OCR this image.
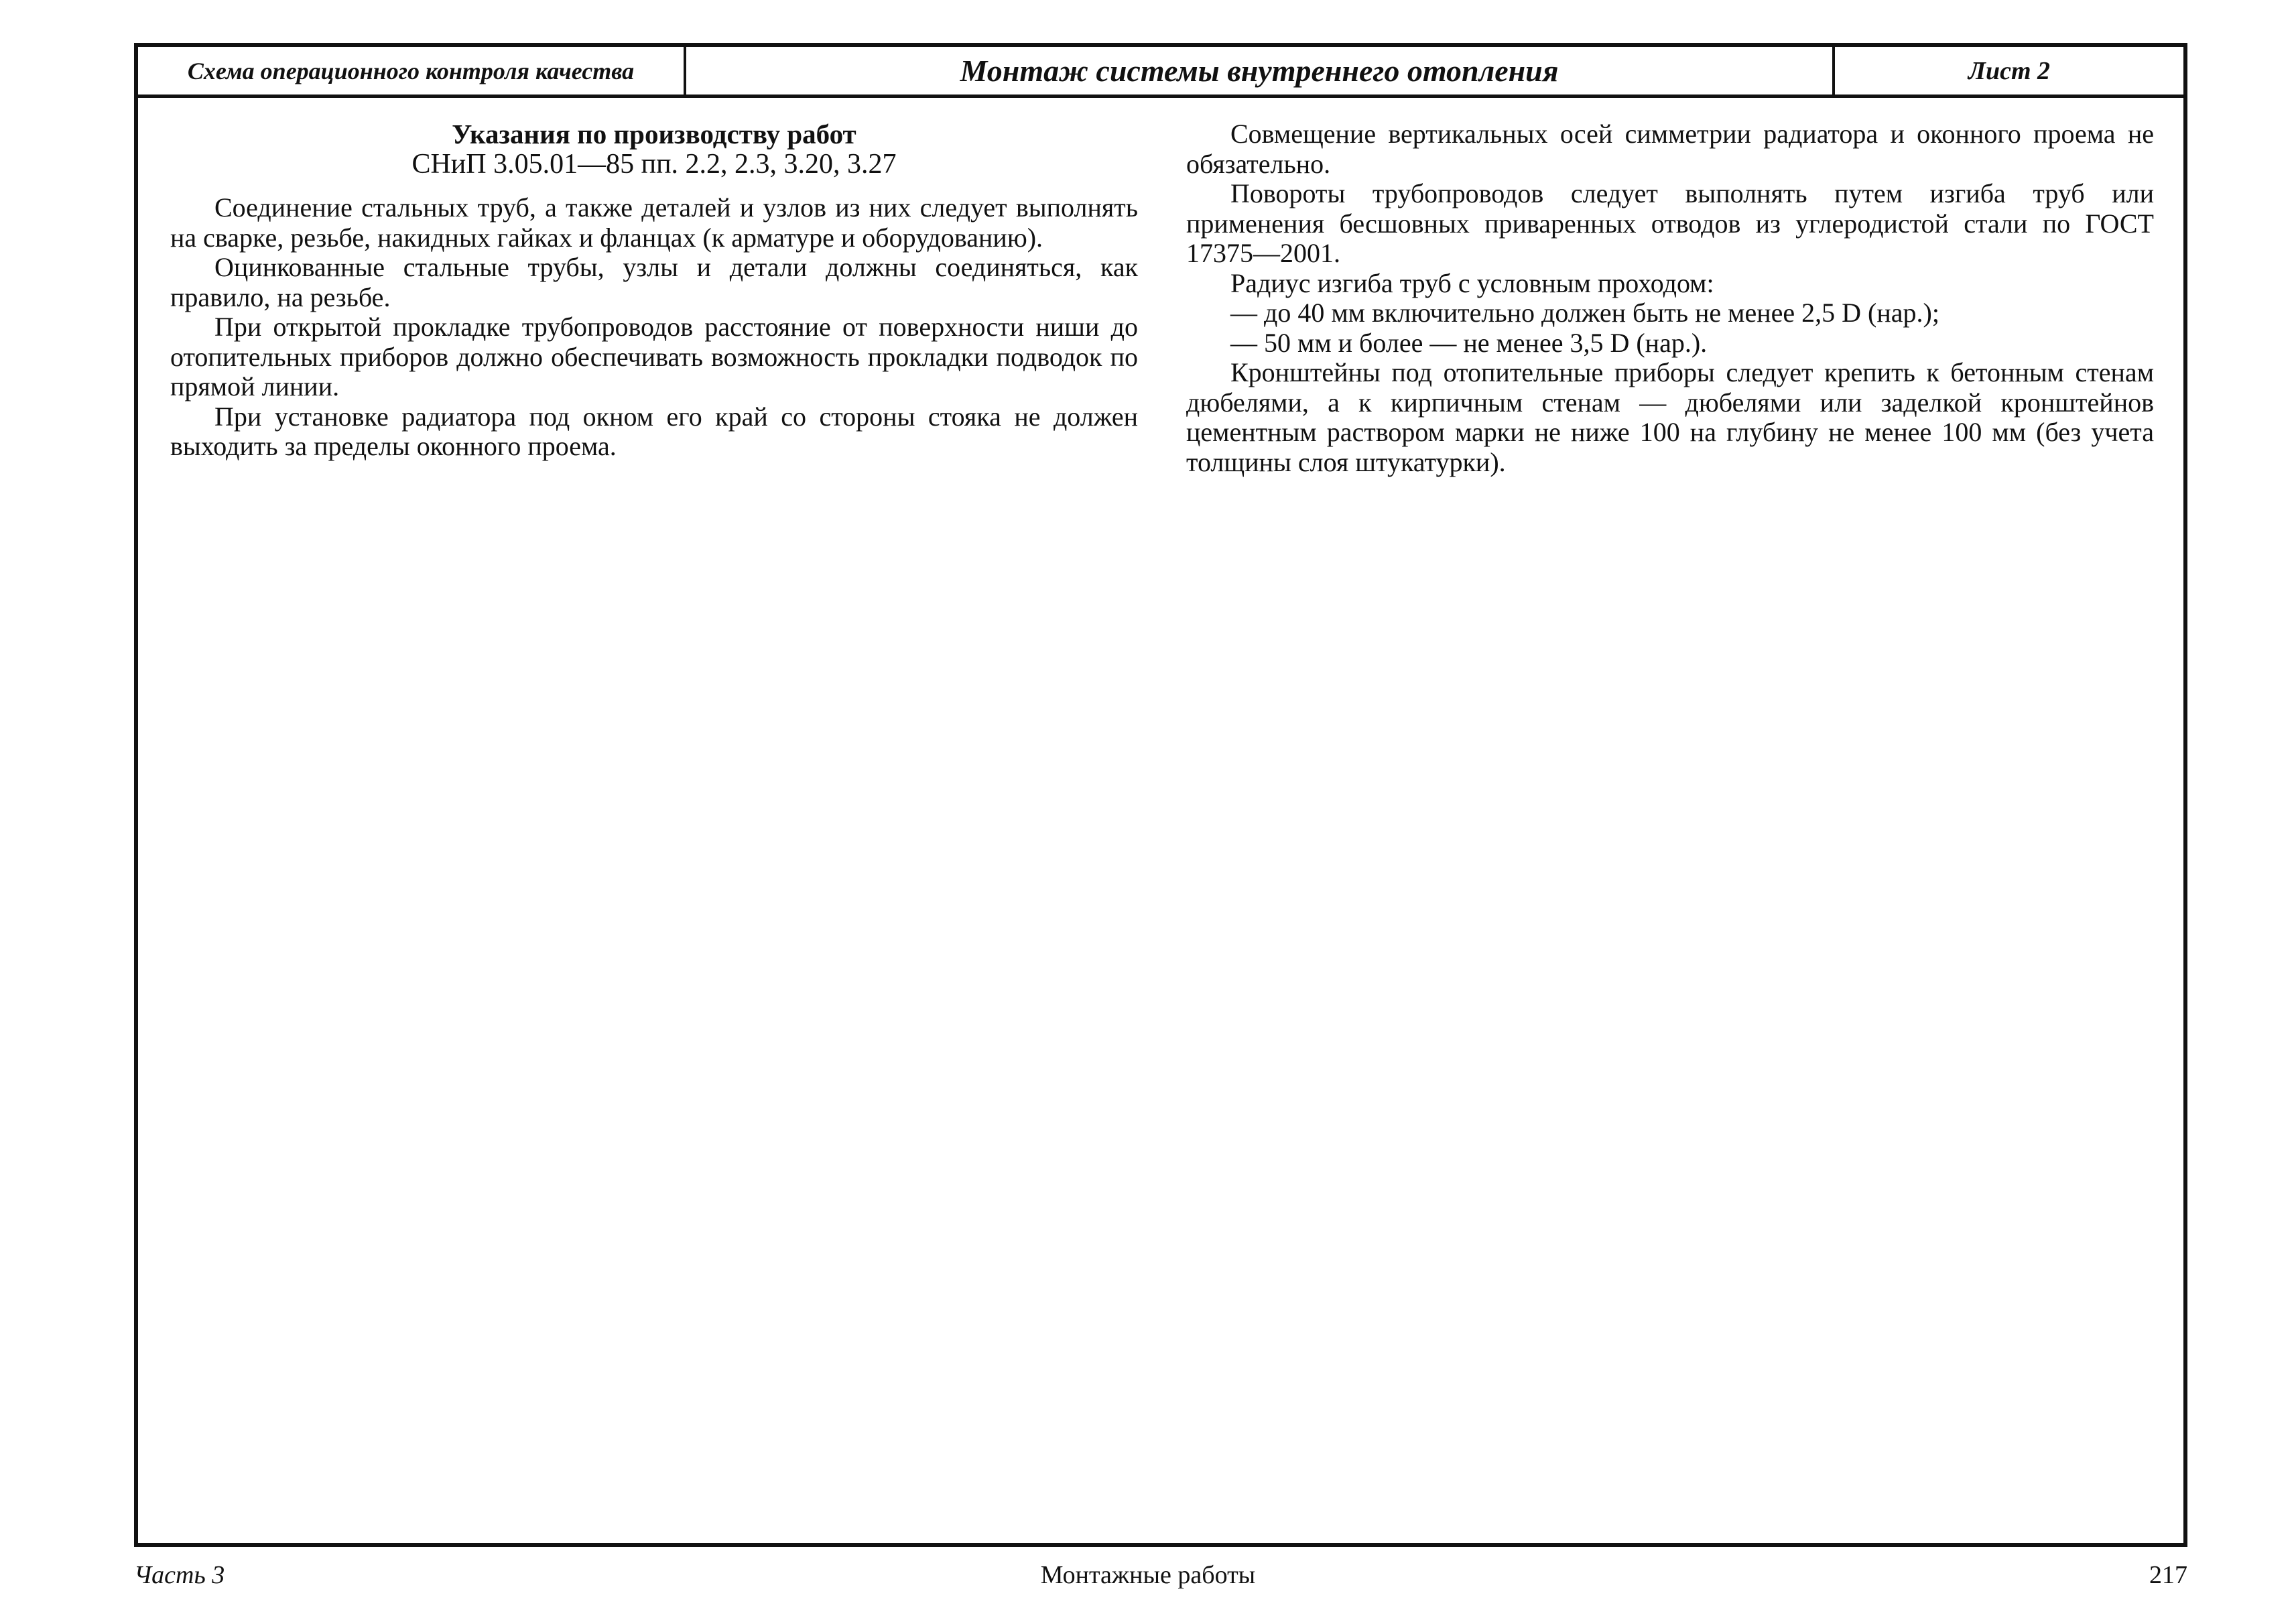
Схема операционного контроля качества	Монтаж системы внутреннего отопления	Лист 2
Указания по производству работ
СНиП 3.05.01—85 пп. 2.2, 2.3, 3.20, 3.27

Соединение стальных труб, а также деталей и узлов из них следует выполнять на сварке, резьбе, накидных гайках и фланцах (к арматуре и оборудованию).

Оцинкованные стальные трубы, узлы и детали должны соединяться, как правило, на резьбе.

При открытой прокладке трубопроводов расстояние от поверхности ниши до отопительных приборов должно обеспечивать возможность прокладки подводок по прямой линии.

При установке радиатора под окном его край со стороны стояка не должен выходить за пределы оконного проема.

Совмещение вертикальных осей симметрии радиатора и оконного проема не обязательно.

Повороты трубопроводов следует выполнять путем изгиба труб или применения бесшовных приваренных отводов из углеродистой стали по ГОСТ 17375—2001.

Радиус изгиба труб с условным проходом:

— до 40 мм включительно должен быть не менее 2,5 D (нар.);

— 50 мм и более — не менее 3,5 D (нар.).

Кронштейны под отопительные приборы следует крепить к бетонным стенам дюбелями, а к кирпичным стенам — дюбелями или заделкой кронштейнов цементным раствором марки не ниже 100 на глубину не менее 100 мм (без учета толщины слоя штукатурки).

Часть 3	Монтажные работы	217
